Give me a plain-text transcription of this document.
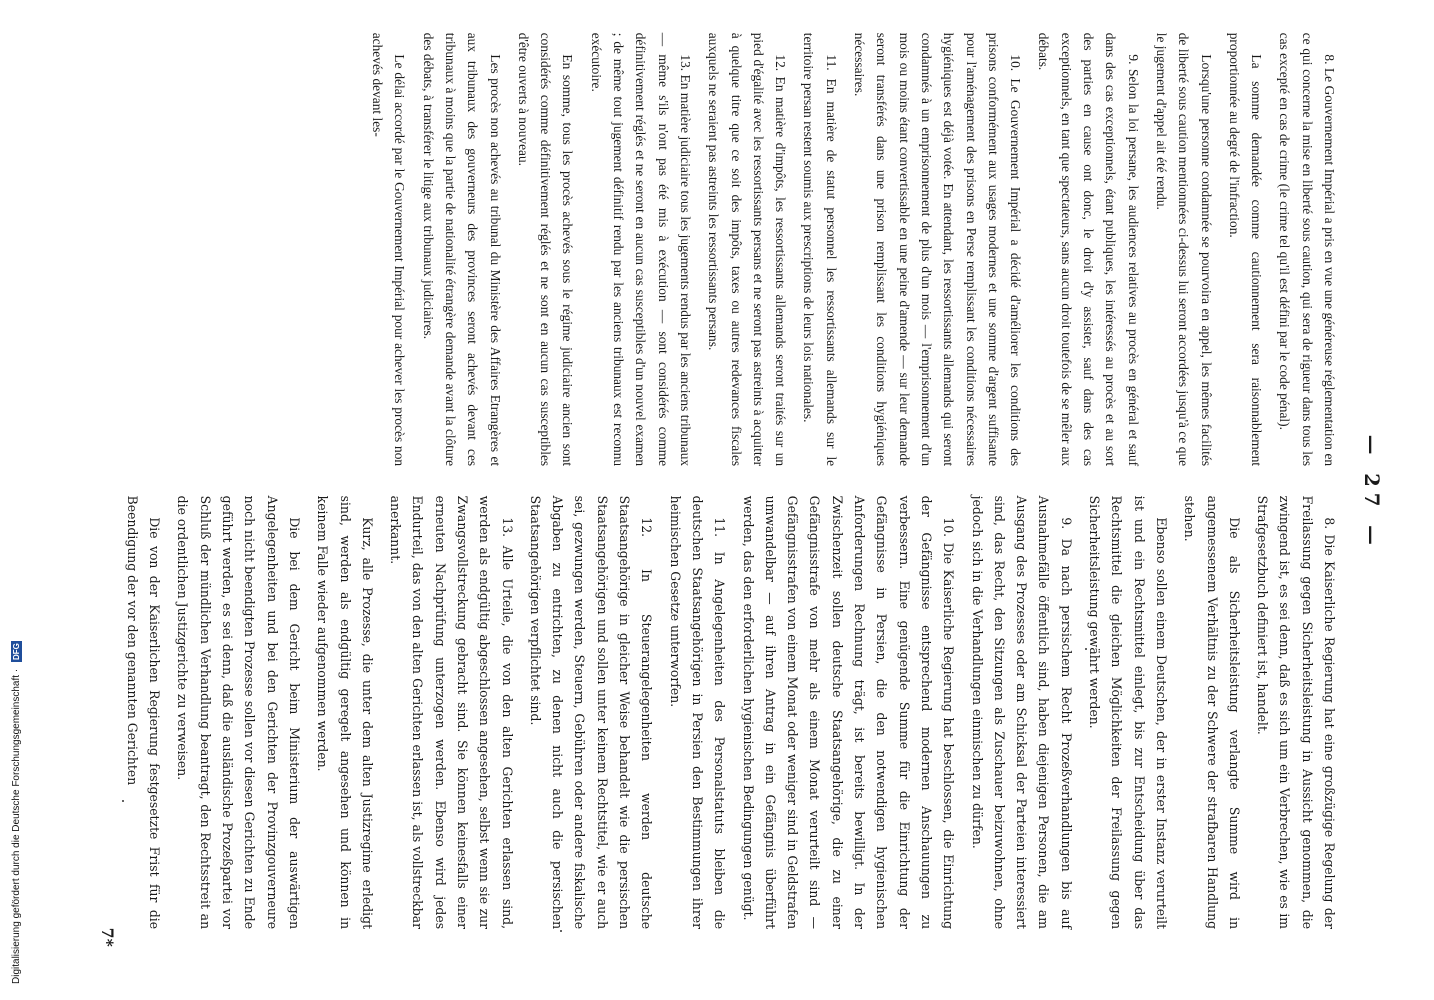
Digitalisierung gefördert durch die Deutsche Forschungsgemeinschaft · DFG
— 27 —

8. Le Gouvernement Impérial a pris en vue une généreuse réglementation en ce qui concerne la mise en liberté sous caution, qui sera de rigueur dans tous les cas excepté en cas de crime (le crime tel qu'il est défini par le code pénal).

La somme demandée comme cautionnement sera raisonnablement proportionnée au degré de l'infraction.

Lorsqu'une personne condamnée se pourvoira en appel, les mêmes facilités de liberté sous caution mentionnées ci-dessus lui seront accordées jusqu'à ce que le jugement d'appel ait été rendu.

9. Selon la loi persane, les audiences relatives au procès en général et sauf dans des cas exceptionnels, étant publiques, les intéressés au procès et au sort des parties en cause ont donc, le droit d'y assister, sauf dans des cas exceptionnels, en tant que spectateurs, sans aucun droit toutefois de se mêler aux débats.

10. Le Gouvernement Impérial a décidé d'améliorer les conditions des prisons conformément aux usages modernes et une somme d'argent suffisante pour l'aménagement des prisons en Perse remplissant les conditions nécessaires hygiéniques est déjà votée. En attendant, les ressortissants allemands qui seront condamnés à un emprisonnement de plus d'un mois — l'emprisonnement d'un mois ou moins étant convertissable en une peine d'amende — sur leur demande seront transférés dans une prison remplissant les conditions hygiéniques nécessaires.

11. En matière de statut personnel les ressortissants allemands sur le territoire persan restent soumis aux prescriptions de leurs lois nationales.

12. En matière d'impôts, les ressortissants allemands seront traités sur un pied d'égalité avec les ressortissants persans et ne seront pas astreints à acquitter à quelque titre que ce soit des impôts, taxes ou autres redevances fiscales auxquels ne seraient pas astreints les ressortissants persans.

13. En matière judiciaire tous les jugements rendus par les anciens tribunaux — même s'ils n'ont pas été mis à exécution — sont considérés comme définitivement réglés et ne seront en aucun cas susceptibles d'un nouvel examen ; de même tout jugement définitif rendu par les anciens tribunaux est reconnu exécutoire.

En somme, tous les procès achevés sous le régime judiciaire ancien sont considérés comme définitivement réglés et ne sont en aucun cas susceptibles d'être ouverts à nouveau.

Les procès non achevés au tribunal du Ministère des Affaires Etrangères et aux tribunaux des gouverneurs des provinces seront achevés devant ces tribunaux à moins que la partie de nationalité étrangère demande avant la clôture des débats, à transférer le litige aux tribunaux judiciaires.

Le délai accordé par le Gouvernement Impérial pour achever les procès non achevés devant les-

8. Die Kaiserliche Regierung hat eine großzügige Regelung der Freilassung gegen Sicherheitsleistung in Aussicht genommen, die zwingend ist, es sei denn, daß es sich um ein Verbrechen, wie es im Strafgesetzbuch definiert ist, handelt.

Die als Sicherheitsleistung verlangte Summe wird in angemessenem Verhältnis zu der Schwere der strafbaren Handlung stehen.

Ebenso sollen einem Deutschen, der in erster Instanz verurteilt ist und ein Rechtsmittel einlegt, bis zur Entscheidung über das Rechtsmittel die gleichen Möglichkeiten der Freilassung gegen Sicherheitsleistung gewährt werden.

9. Da nach persischem Recht Prozeßverhandlungen bis auf Ausnahmefälle öffentlich sind, haben diejenigen Personen, die am Ausgang des Prozesses oder am Schicksal der Parteien interessiert sind, das Recht, den Sitzungen als Zuschauer beizuwohnen, ohne jedoch sich in die Verhandlungen einmischen zu dürfen.

10. Die Kaiserliche Regierung hat beschlossen, die Einrichtung der Gefängnisse entsprechend modernen Anschauungen zu verbessern. Eine genügende Summe für die Einrichtung der Gefängnisse in Persien, die den notwendigen hygienischen Anforderungen Rechnung trägt, ist bereits bewilligt. In der Zwischenzeit sollen deutsche Staatsangehörige, die zu einer Gefängnisstrafe von mehr als einem Monat verurteilt sind — Gefängnisstrafen von einem Monat oder weniger sind in Geldstrafen umwandelbar — auf ihren Antrag in ein Gefängnis überführt werden, das den erforderlichen hygienischen Bedingungen genügt.

11. In Angelegenheiten des Personalstatuts bleiben die deutschen Staatsangehörigen in Persien den Bestimmungen ihrer heimischen Gesetze unterworfen.

12. In Steuerangelegenheiten werden deutsche Staatsangehörige in gleicher Weise behandelt wie die persischen Staatsangehörigen und sollen unter keinem Rechtstitel, wie er auch sei, gezwungen werden, Steuern, Gebühren oder andere fiskalische Abgaben zu entrichten, zu denen nicht auch die persischen Staatsangehörigen verpflichtet sind.

13. Alle Urteile, die von den alten Gerichten erlassen sind, werden als endgültig abgeschlossen angesehen, selbst wenn sie zur Zwangsvollstreckung gebracht sind. Sie können keinesfalls einer erneuten Nachprüfung unterzogen werden. Ebenso wird jedes Endurteil, das von den alten Gerichten erlassen ist, als vollstreckbar anerkannt.

Kurz, alle Prozesse, die unter dem alten Justizregime erledigt sind, werden als endgültig geregelt angesehen und können in keinem Falle wieder aufgenommen werden.

Die bei dem Gericht beim Ministerium der auswärtigen Angelegenheiten und bei den Gerichten der Provinzgouverneure noch nicht beendigten Prozesse sollen vor diesen Gerichten zu Ende geführt werden, es sei denn, daß die ausländische Prozeßpartei vor Schluß der mündlichen Verhandlung beantragt, den Rechtsstreit an die ordentlichen Justizgerichte zu verweisen.

Die von der Kaiserlichen Regierung festgesetzte Frist für die Beendigung der vor den genannten Gerichten

7*
